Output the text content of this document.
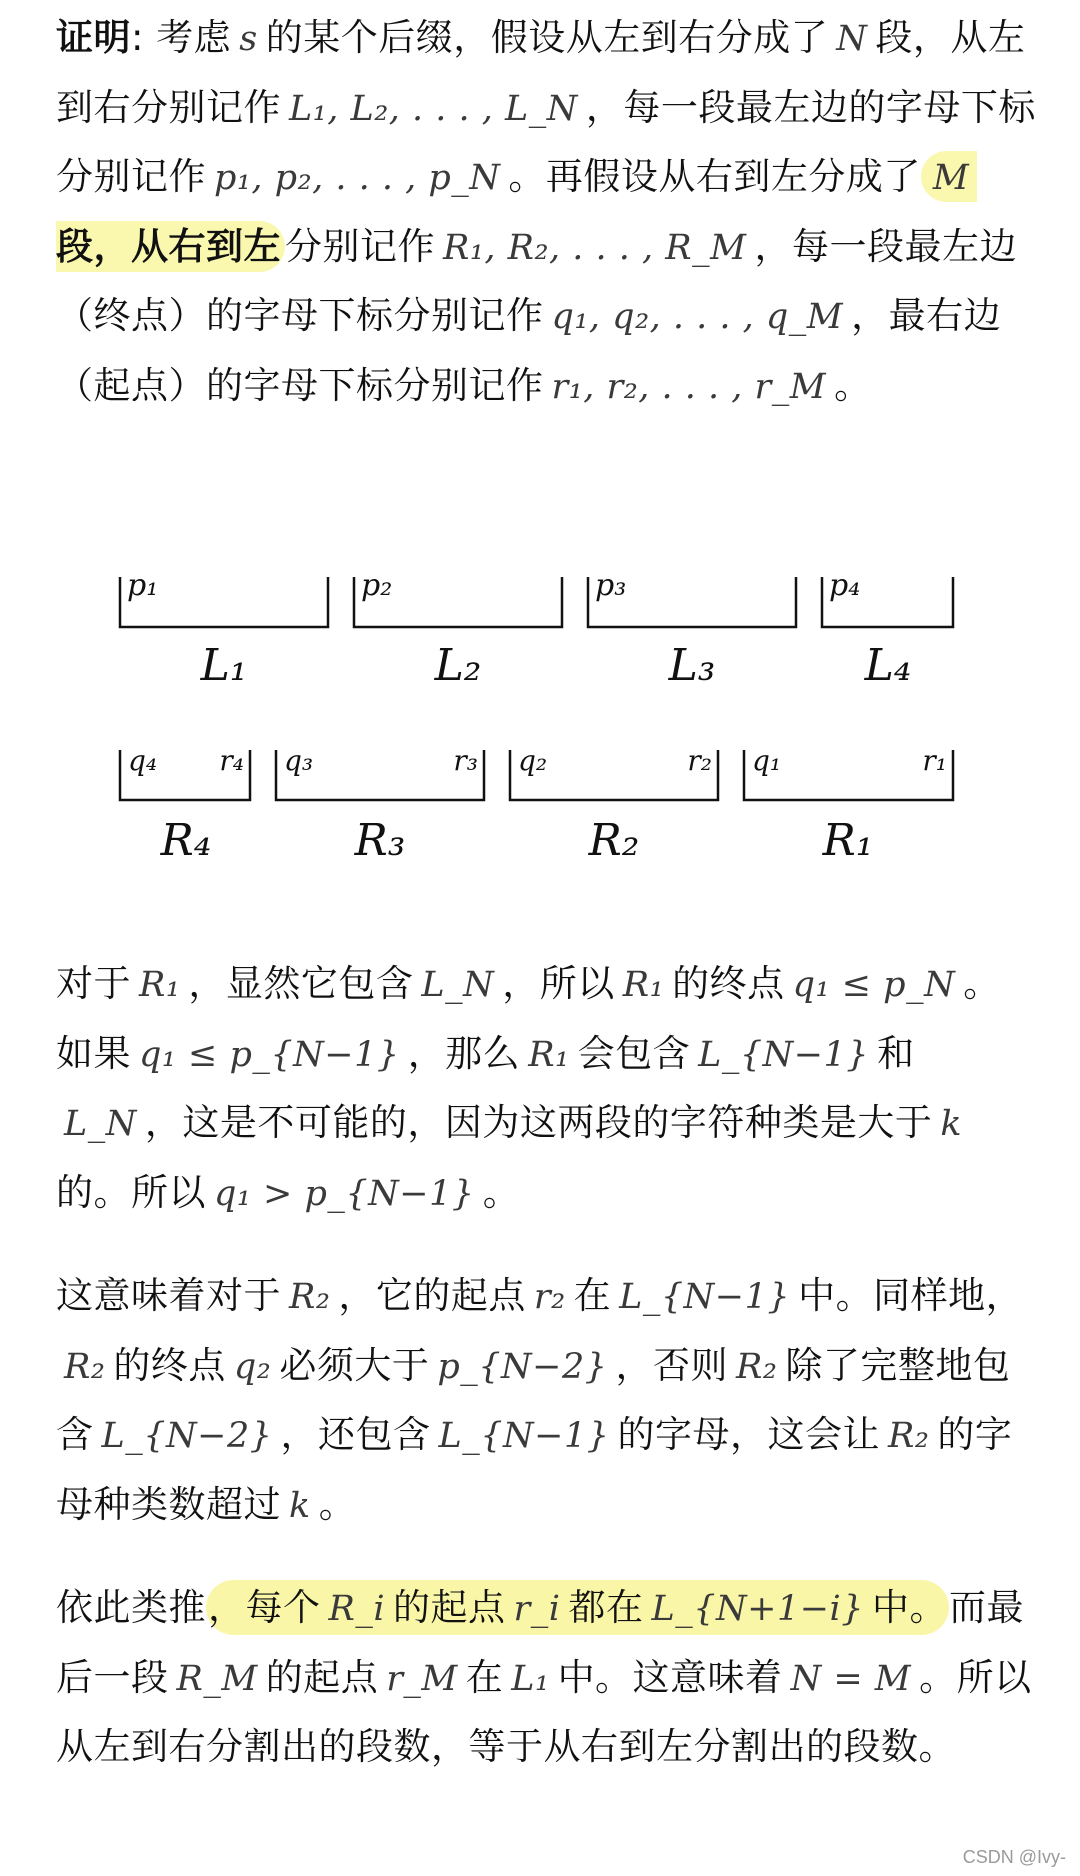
证明: 考虑 s 的某个后缀，假设从左到右分成了 N 段，从左到右分别记作 L₁, L₂, . . . , L_N ，每一段最左边的字母下标分别记作 p₁, p₂, . . . , p_N 。再假设从右到左分成了 M段，从右到左 分别记作 R₁, R₂, . . . , R_M ，每一段最左边（终点）的字母下标分别记作 q₁, q₂, . . . , q_M ，最右边（起点）的字母下标分别记作 r₁, r₂, . . . , r_M 。
p₁	p₂	p₃	p₄
L₁	L₂	L₃	L₄
q₄ r₄ q₃	r₃ q₂	r₂ q₁	r₁
R₄	R₃	R₂	R₁
对于 R₁ ，显然它包含 L_N ，所以 R₁ 的终点 q₁ ≤ p_N 。如果 q₁ ≤ p_{N−1} ，那么 R₁ 会包含 L_{N−1} 和L_N ，这是不可能的，因为这两段的字符种类是大于 k的。所以 q₁ > p_{N−1} 。
这意味着对于 R₂ ，它的起点 r₂ 在 L_{N−1} 中。同样地，R₂ 的终点 q₂ 必须大于 p_{N−2} ，否则 R₂ 除了完整地包含 L_{N−2} ，还包含 L_{N−1} 的字母，这会让 R₂ 的字母种类数超过 k 。
依此类推，每个 R_i 的起点 r_i 都在 L_{N+1−i} 中。而最后一段 R_M 的起点 r_M 在 L₁ 中。这意味着 N = M 。所以从左到右分割出的段数，等于从右到左分割出的段数。
CSDN @Ivy-
